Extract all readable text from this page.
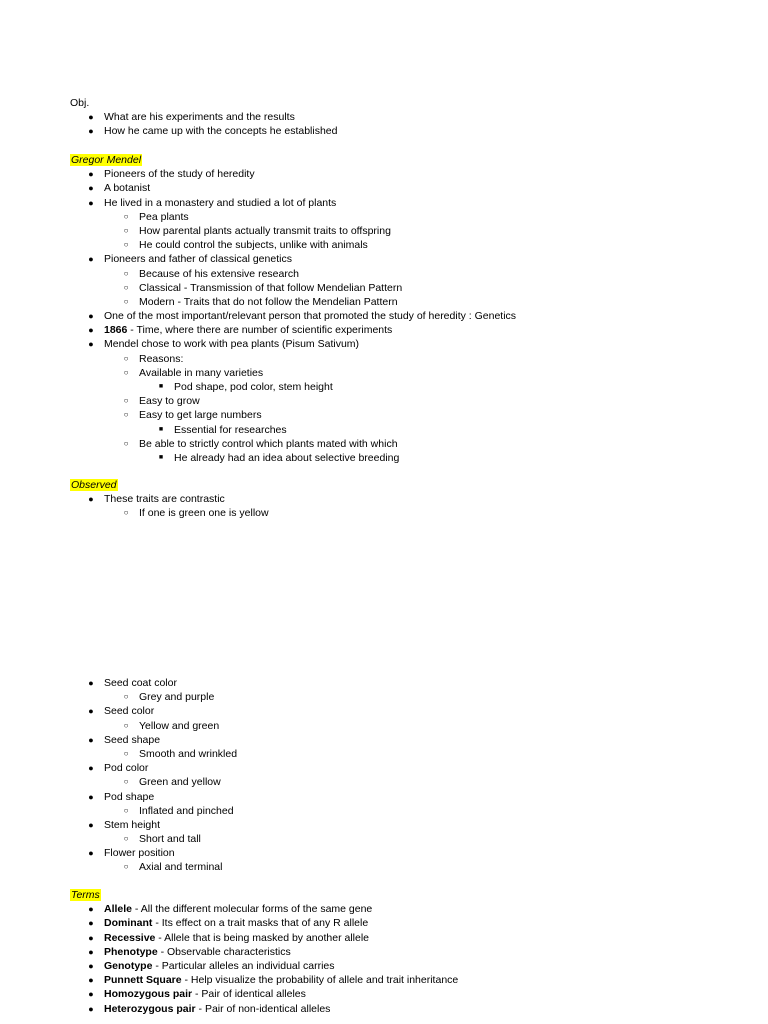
Obj.
● What are his experiments and the results
● How he came up with the concepts he established
Gregor Mendel
● Pioneers of the study of heredity
● A botanist
● He lived in a monastery and studied a lot of plants
○	Pea plants
○	How parental plants actually transmit traits to offspring
○	He could control the subjects, unlike with animals
● Pioneers and father of classical genetics
○	Because of his extensive research
○	Classical - Transmission of that follow Mendelian Pattern
○	Modern - Traits that do not follow the Mendelian Pattern
● One of the most important/relevant person that promoted the study of heredity : Genetics
● 1866 - Time, where there are number of scientific experiments
● Mendel chose to work with pea plants (Pisum Sativum)
○	Reasons:
○	Available in many varieties
■	Pod shape, pod color, stem height
○	Easy to grow
○	Easy to get large numbers
■	Essential for researches
○	Be able to strictly control which plants mated with which
■	He already had an idea about selective breeding
Observed
● These traits are contrastic
○	If one is green one is yellow
● Seed coat color
○	Grey and purple
● Seed color
○	Yellow and green
● Seed shape
○	Smooth and wrinkled
● Pod color
○	Green and yellow
● Pod shape
○	Inflated and pinched
● Stem height
○	Short and tall
● Flower position
○	Axial and terminal
Terms
● Allele - All the different molecular forms of the same gene
● Dominant - Its effect on a trait masks that of any R allele
● Recessive - Allele that is being masked by another allele
● Phenotype - Observable characteristics
● Genotype - Particular alleles an individual carries
● Punnett Square - Help visualize the probability of allele and trait inheritance
● Homozygous pair - Pair of identical alleles
● Heterozygous pair - Pair of non-identical alleles
